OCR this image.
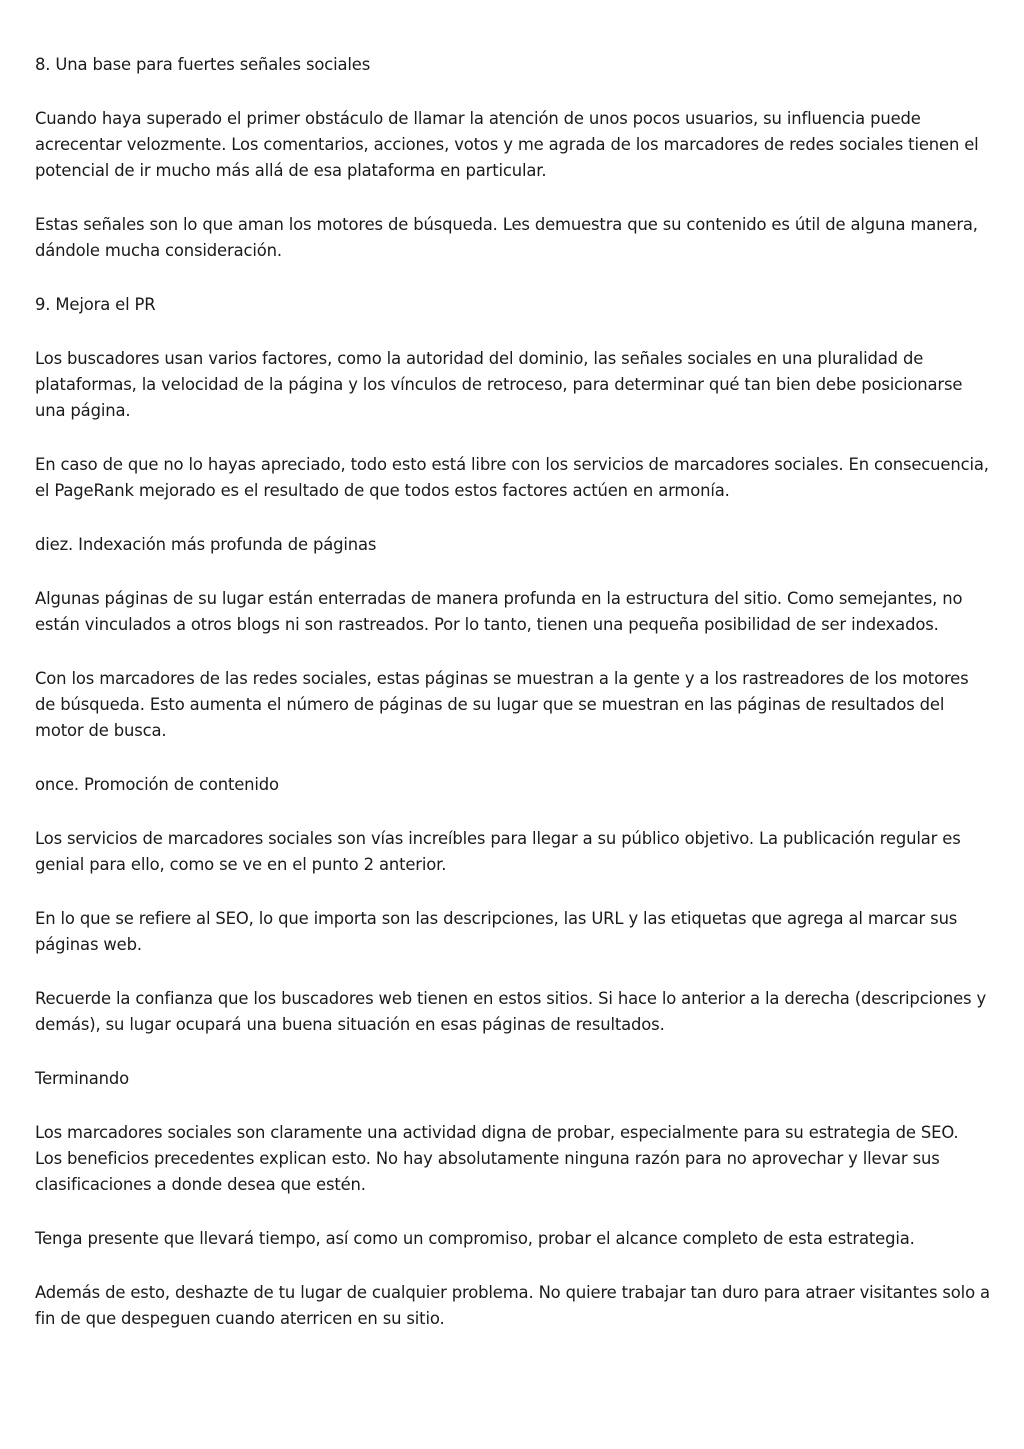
8. Una base para fuertes señales sociales

Cuando haya superado el primer obstáculo de llamar la atención de unos pocos usuarios, su influencia puede acrecentar velozmente. Los comentarios, acciones, votos y me agrada de los marcadores de redes sociales tienen el potencial de ir mucho más allá de esa plataforma en particular.

Estas señales son lo que aman los motores de búsqueda. Les demuestra que su contenido es útil de alguna manera, dándole mucha consideración.

9. Mejora el PR

Los buscadores usan varios factores, como la autoridad del dominio, las señales sociales en una pluralidad de plataformas, la velocidad de la página y los vínculos de retroceso, para determinar qué tan bien debe posicionarse una página.

En caso de que no lo hayas apreciado, todo esto está libre con los servicios de marcadores sociales. En consecuencia, el PageRank mejorado es el resultado de que todos estos factores actúen en armonía.

diez. Indexación más profunda de páginas

Algunas páginas de su lugar están enterradas de manera profunda en la estructura del sitio. Como semejantes, no están vinculados a otros blogs ni son rastreados. Por lo tanto, tienen una pequeña posibilidad de ser indexados.

Con los marcadores de las redes sociales, estas páginas se muestran a la gente y a los rastreadores de los motores de búsqueda. Esto aumenta el número de páginas de su lugar que se muestran en las páginas de resultados del motor de busca.

once. Promoción de contenido

Los servicios de marcadores sociales son vías increíbles para llegar a su público objetivo. La publicación regular es genial para ello, como se ve en el punto 2 anterior.

En lo que se refiere al SEO, lo que importa son las descripciones, las URL y las etiquetas que agrega al marcar sus páginas web.

Recuerde la confianza que los buscadores web tienen en estos sitios. Si hace lo anterior a la derecha (descripciones y demás), su lugar ocupará una buena situación en esas páginas de resultados.

Terminando

Los marcadores sociales son claramente una actividad digna de probar, especialmente para su estrategia de SEO. Los beneficios precedentes explican esto. No hay absolutamente ninguna razón para no aprovechar y llevar sus clasificaciones a donde desea que estén.

Tenga presente que llevará tiempo, así como un compromiso, probar el alcance completo de esta estrategia.

Además de esto, deshazte de tu lugar de cualquier problema. No quiere trabajar tan duro para atraer visitantes solo a fin de que despeguen cuando aterricen en su sitio.
